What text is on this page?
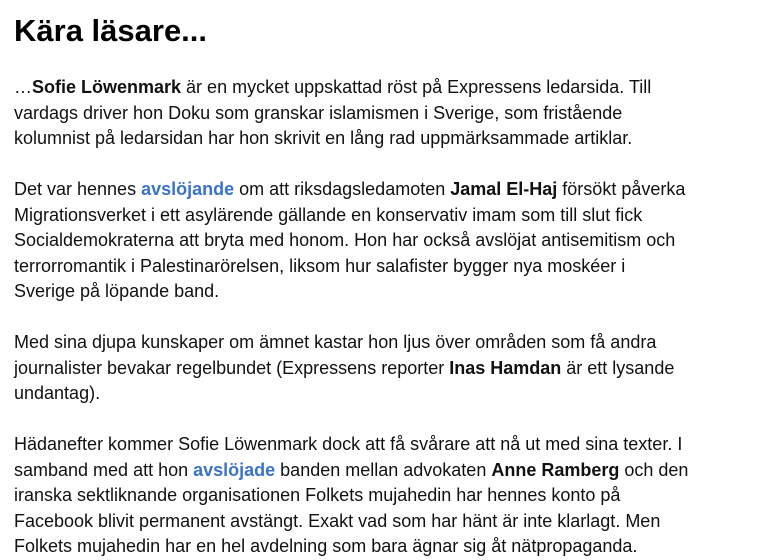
Kära läsare...

…Sofie Löwenmark är en mycket uppskattad röst på Expressens ledarsida. Till
vardags driver hon Doku som granskar islamismen i Sverige, som fristående
kolumnist på ledarsidan har hon skrivit en lång rad uppmärksammade artiklar.

Det var hennes avslöjande om att riksdagsledamoten Jamal El-Haj försökt påverka
Migrationsverket i ett asylärende gällande en konservativ imam som till slut fick
Socialdemokraterna att bryta med honom. Hon har också avslöjat antisemitism och
terrorromantik i Palestinarörelsen, liksom hur salafister bygger nya moskéer i
Sverige på löpande band.

Med sina djupa kunskaper om ämnet kastar hon ljus över områden som få andra
journalister bevakar regelbundet (Expressens reporter Inas Hamdan är ett lysande
undantag).

Hädanefter kommer Sofie Löwenmark dock att få svårare att nå ut med sina texter. I
samband med att hon avslöjade banden mellan advokaten Anne Ramberg och den
iranska sektliknande organisationen Folkets mujahedin har hennes konto på
Facebook blivit permanent avstängt. Exakt vad som har hänt är inte klarlagt. Men
Folkets mujahedin har en hel avdelning som bara ägnar sig åt nätpropaganda.
